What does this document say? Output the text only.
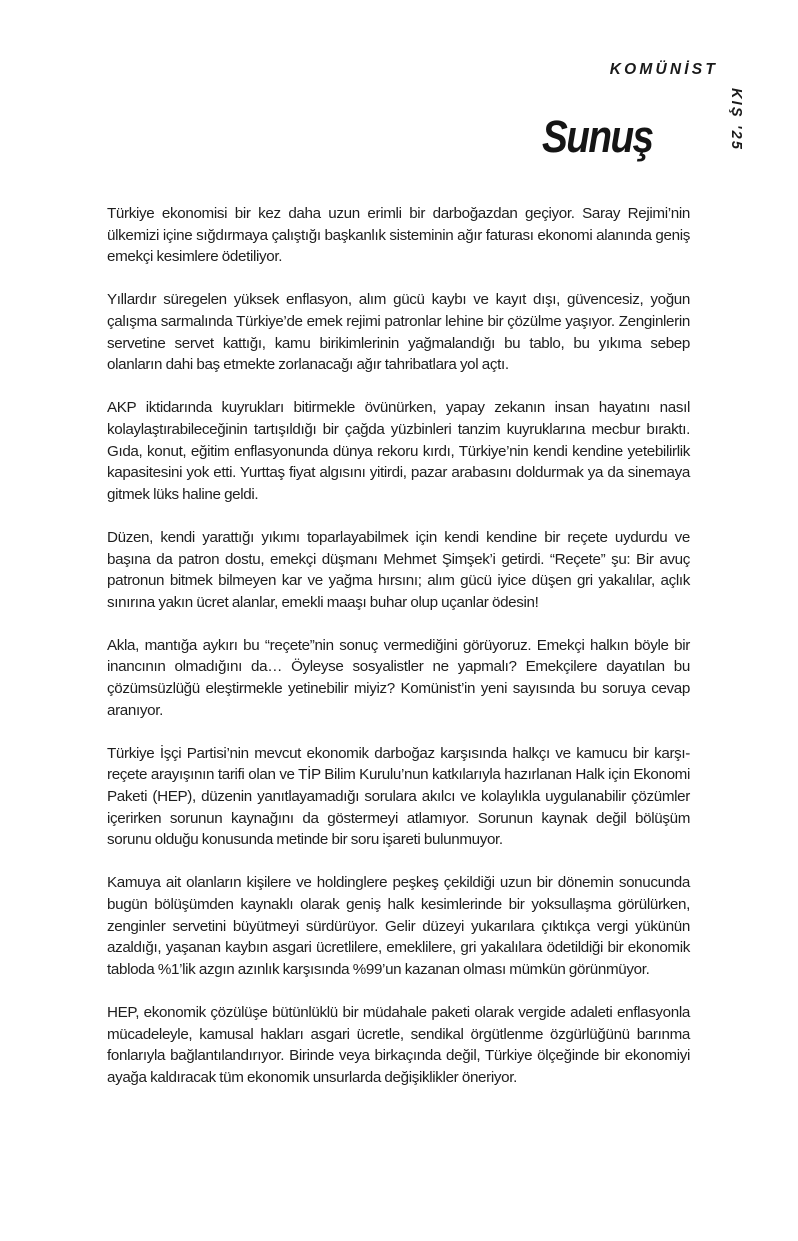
KOMÜNİST
KIŞ '25
Sunuş

Türkiye ekonomisi bir kez daha uzun erimli bir darboğazdan geçiyor. Saray Rejimi’nin ülkemizi içine sığdırmaya çalıştığı başkanlık sisteminin ağır faturası ekonomi alanında geniş emekçi kesimlere ödetiliyor.

Yıllardır süregelen yüksek enflasyon, alım gücü kaybı ve kayıt dışı, güvencesiz, yoğun çalışma sarmalında Türkiye’de emek rejimi patronlar lehine bir çözülme yaşıyor. Zenginlerin servetine servet kattığı, kamu birikimlerinin yağmalandığı bu tablo, bu yıkıma sebep olanların dahi baş etmekte zorlanacağı ağır tahribatlara yol açtı.

AKP iktidarında kuyrukları bitirmekle övünürken, yapay zekanın insan hayatını nasıl kolaylaştırabileceğinin tartışıldığı bir çağda yüzbinleri tanzim kuyruklarına mecbur bıraktı. Gıda, konut, eğitim enflasyonunda dünya rekoru kırdı, Türkiye’nin kendi kendine yetebilirlik kapasitesini yok etti. Yurttaş fiyat algısını yitirdi, pazar arabasını doldurmak ya da sinemaya gitmek lüks haline geldi.

Düzen, kendi yarattığı yıkımı toparlayabilmek için kendi kendine bir reçete uydurdu ve başına da patron dostu, emekçi düşmanı Mehmet Şimşek’i getirdi. “Reçete” şu: Bir avuç patronun bitmek bilmeyen kar ve yağma hırsını; alım gücü iyice düşen gri yakalılar, açlık sınırına yakın ücret alanlar, emekli maaşı buhar olup uçanlar ödesin!

Akla, mantığa aykırı bu “reçete”nin sonuç vermediğini görüyoruz. Emekçi halkın böyle bir inancının olmadığını da… Öyleyse sosyalistler ne yapmalı? Emekçilere dayatılan bu çözümsüzlüğü eleştirmekle yetinebilir miyiz? Komünist’in yeni sayısında bu soruya cevap aranıyor.

Türkiye İşçi Partisi’nin mevcut ekonomik darboğaz karşısında halkçı ve kamucu bir karşı-reçete arayışının tarifi olan ve TİP Bilim Kurulu’nun katkılarıyla hazırlanan Halk için Ekonomi Paketi (HEP), düzenin yanıtlayamadığı sorulara akılcı ve kolaylıkla uygulanabilir çözümler içerirken sorunun kaynağını da göstermeyi atlamıyor. Sorunun kaynak değil bölüşüm sorunu olduğu konusunda metinde bir soru işareti bulunmuyor.

Kamuya ait olanların kişilere ve holdinglere peşkeş çekildiği uzun bir dönemin sonucunda bugün bölüşümden kaynaklı olarak geniş halk kesimlerinde bir yoksullaşma görülürken, zenginler servetini büyütmeyi sürdürüyor. Gelir düzeyi yukarılara çıktıkça vergi yükünün azaldığı, yaşanan kaybın asgari ücretlilere, emeklilere, gri yakalılara ödetildiği bir ekonomik tabloda %1’lik azgın azınlık karşısında %99’un kazanan olması mümkün görünmüyor.

HEP, ekonomik çözülüşe bütünlüklü bir müdahale paketi olarak vergide adaleti enflasyonla mücadeleyle, kamusal hakları asgari ücretle, sendikal örgütlenme özgürlüğünü barınma fonlarıyla bağlantılandırıyor. Birinde veya birkaçında değil, Türkiye ölçeğinde bir ekonomiyi ayağa kaldıracak tüm ekonomik unsurlarda değişiklikler öneriyor.
